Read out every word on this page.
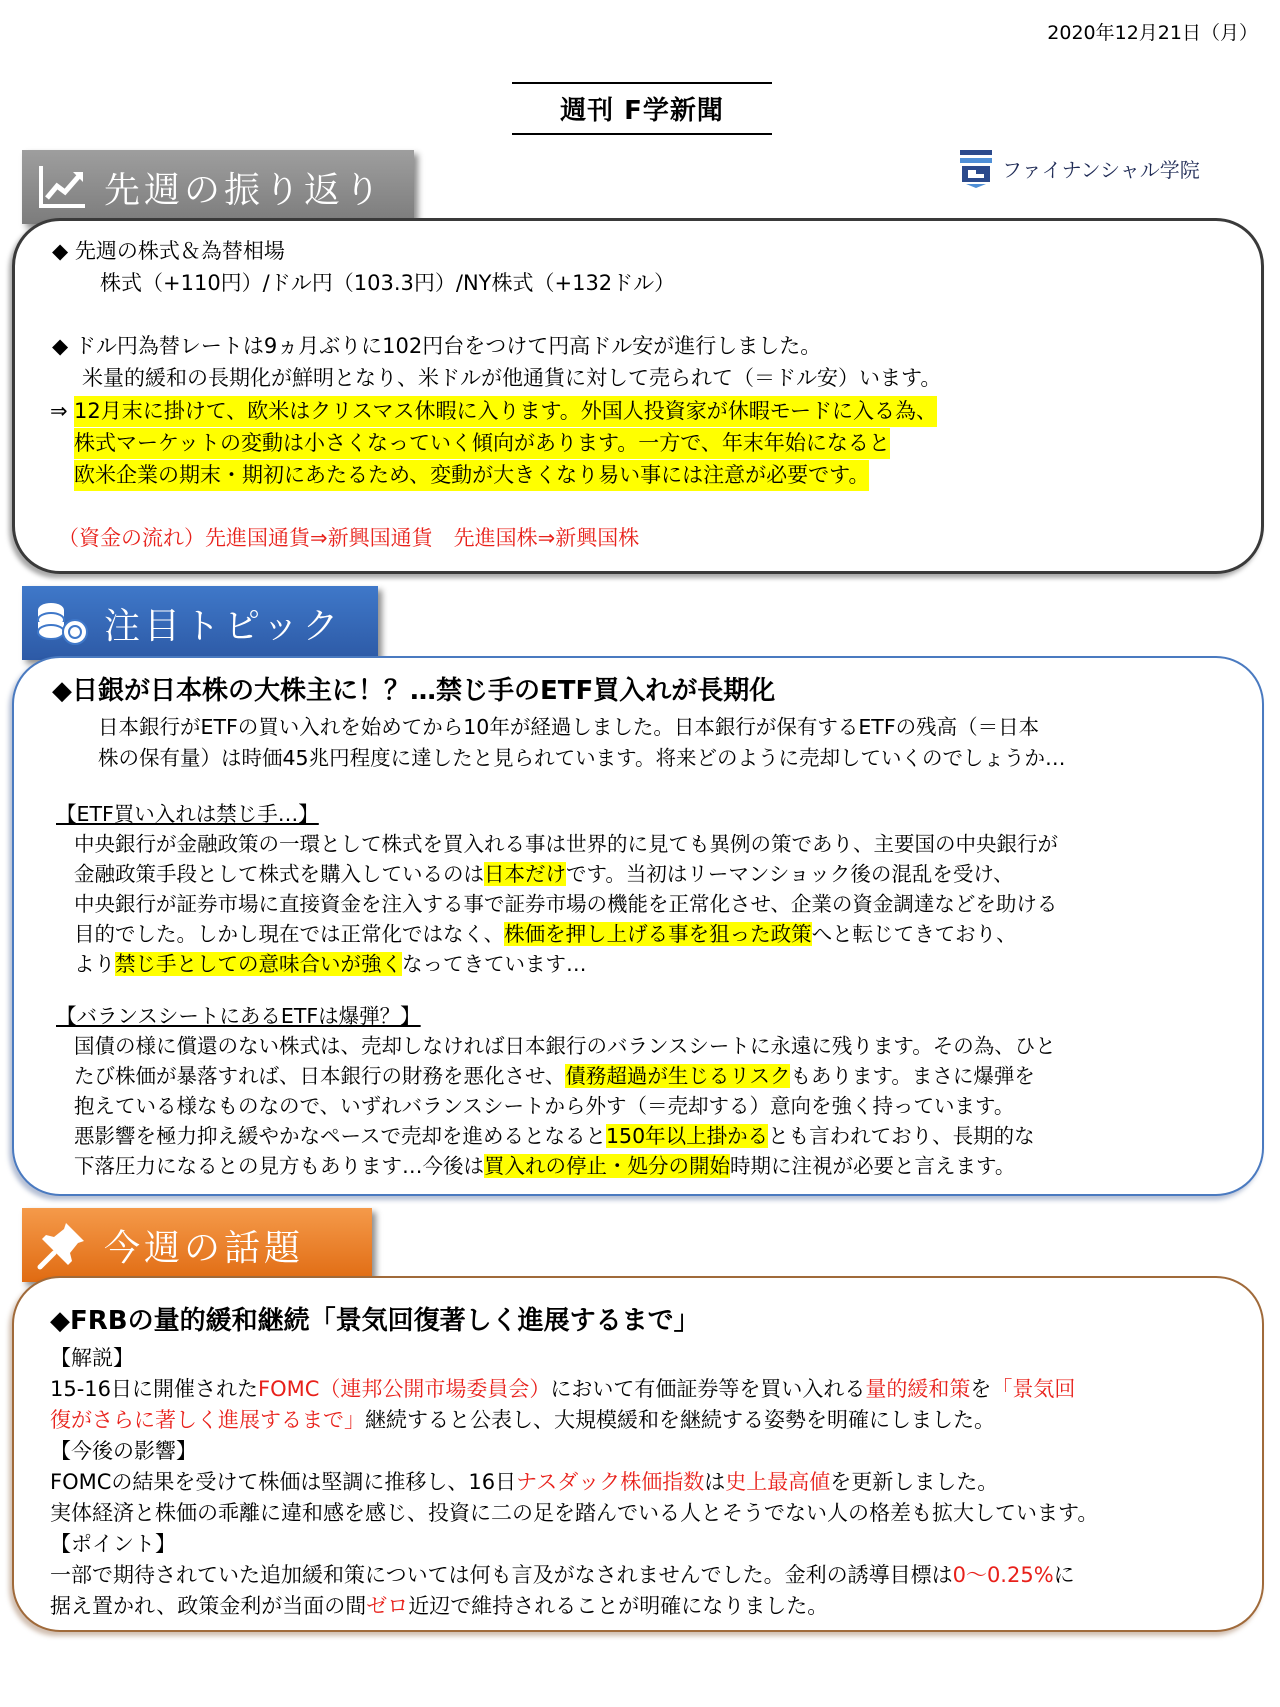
2020年12月21日（月）
週刊 F学新聞
ファイナンシャル学院
先週の振り返り
◆ 先週の株式＆為替相場
株式（+110円）/ドル円（103.3円）/NY株式（+132ドル）
◆ ドル円為替レートは9ヵ月ぶりに102円台をつけて円高ドル安が進行しました。
米量的緩和の長期化が鮮明となり、米ドルが他通貨に対して売られて（＝ドル安）います。
⇒ 12月末に掛けて、欧米はクリスマス休暇に入ります。外国人投資家が休暇モードに入る為、
株式マーケットの変動は小さくなっていく傾向があります。一方で、年末年始になると
欧米企業の期末・期初にあたるため、変動が大きくなり易い事には注意が必要です。
（資金の流れ）先進国通貨⇒新興国通貨　先進国株⇒新興国株
注目トピック
◆日銀が日本株の大株主に！？…禁じ手のETF買入れが長期化
日本銀行がETFの買い入れを始めてから10年が経過しました。日本銀行が保有するETFの残高（＝日本
株の保有量）は時価45兆円程度に達したと見られています。将来どのように売却していくのでしょうか…
【ETF買い入れは禁じ手…】
中央銀行が金融政策の一環として株式を買入れる事は世界的に見ても異例の策であり、主要国の中央銀行が
金融政策手段として株式を購入しているのは日本だけです。当初はリーマンショック後の混乱を受け、
中央銀行が証券市場に直接資金を注入する事で証券市場の機能を正常化させ、企業の資金調達などを助ける
目的でした。しかし現在では正常化ではなく、株価を押し上げる事を狙った政策へと転じてきており、
より禁じ手としての意味合いが強くなってきています…
【バランスシートにあるETFは爆弾？】
国債の様に償還のない株式は、売却しなければ日本銀行のバランスシートに永遠に残ります。その為、ひと
たび株価が暴落すれば、日本銀行の財務を悪化させ、債務超過が生じるリスクもあります。まさに爆弾を
抱えている様なものなので、いずれバランスシートから外す（＝売却する）意向を強く持っています。
悪影響を極力抑え緩やかなペースで売却を進めるとなると150年以上掛かるとも言われており、長期的な
下落圧力になるとの見方もあります…今後は買入れの停止・処分の開始時期に注視が必要と言えます。
今週の話題
◆FRBの量的緩和継続「景気回復著しく進展するまで」
【解説】
15-16日に開催されたFOMC（連邦公開市場委員会）において有価証券等を買い入れる量的緩和策を「景気回
復がさらに著しく進展するまで」継続すると公表し、大規模緩和を継続する姿勢を明確にしました。
【今後の影響】
FOMCの結果を受けて株価は堅調に推移し、16日ナスダック株価指数は史上最高値を更新しました。
実体経済と株価の乖離に違和感を感じ、投資に二の足を踏んでいる人とそうでない人の格差も拡大しています。
【ポイント】
一部で期待されていた追加緩和策については何も言及がなされませんでした。金利の誘導目標は0～0.25%に
据え置かれ、政策金利が当面の間ゼロ近辺で維持されることが明確になりました。
